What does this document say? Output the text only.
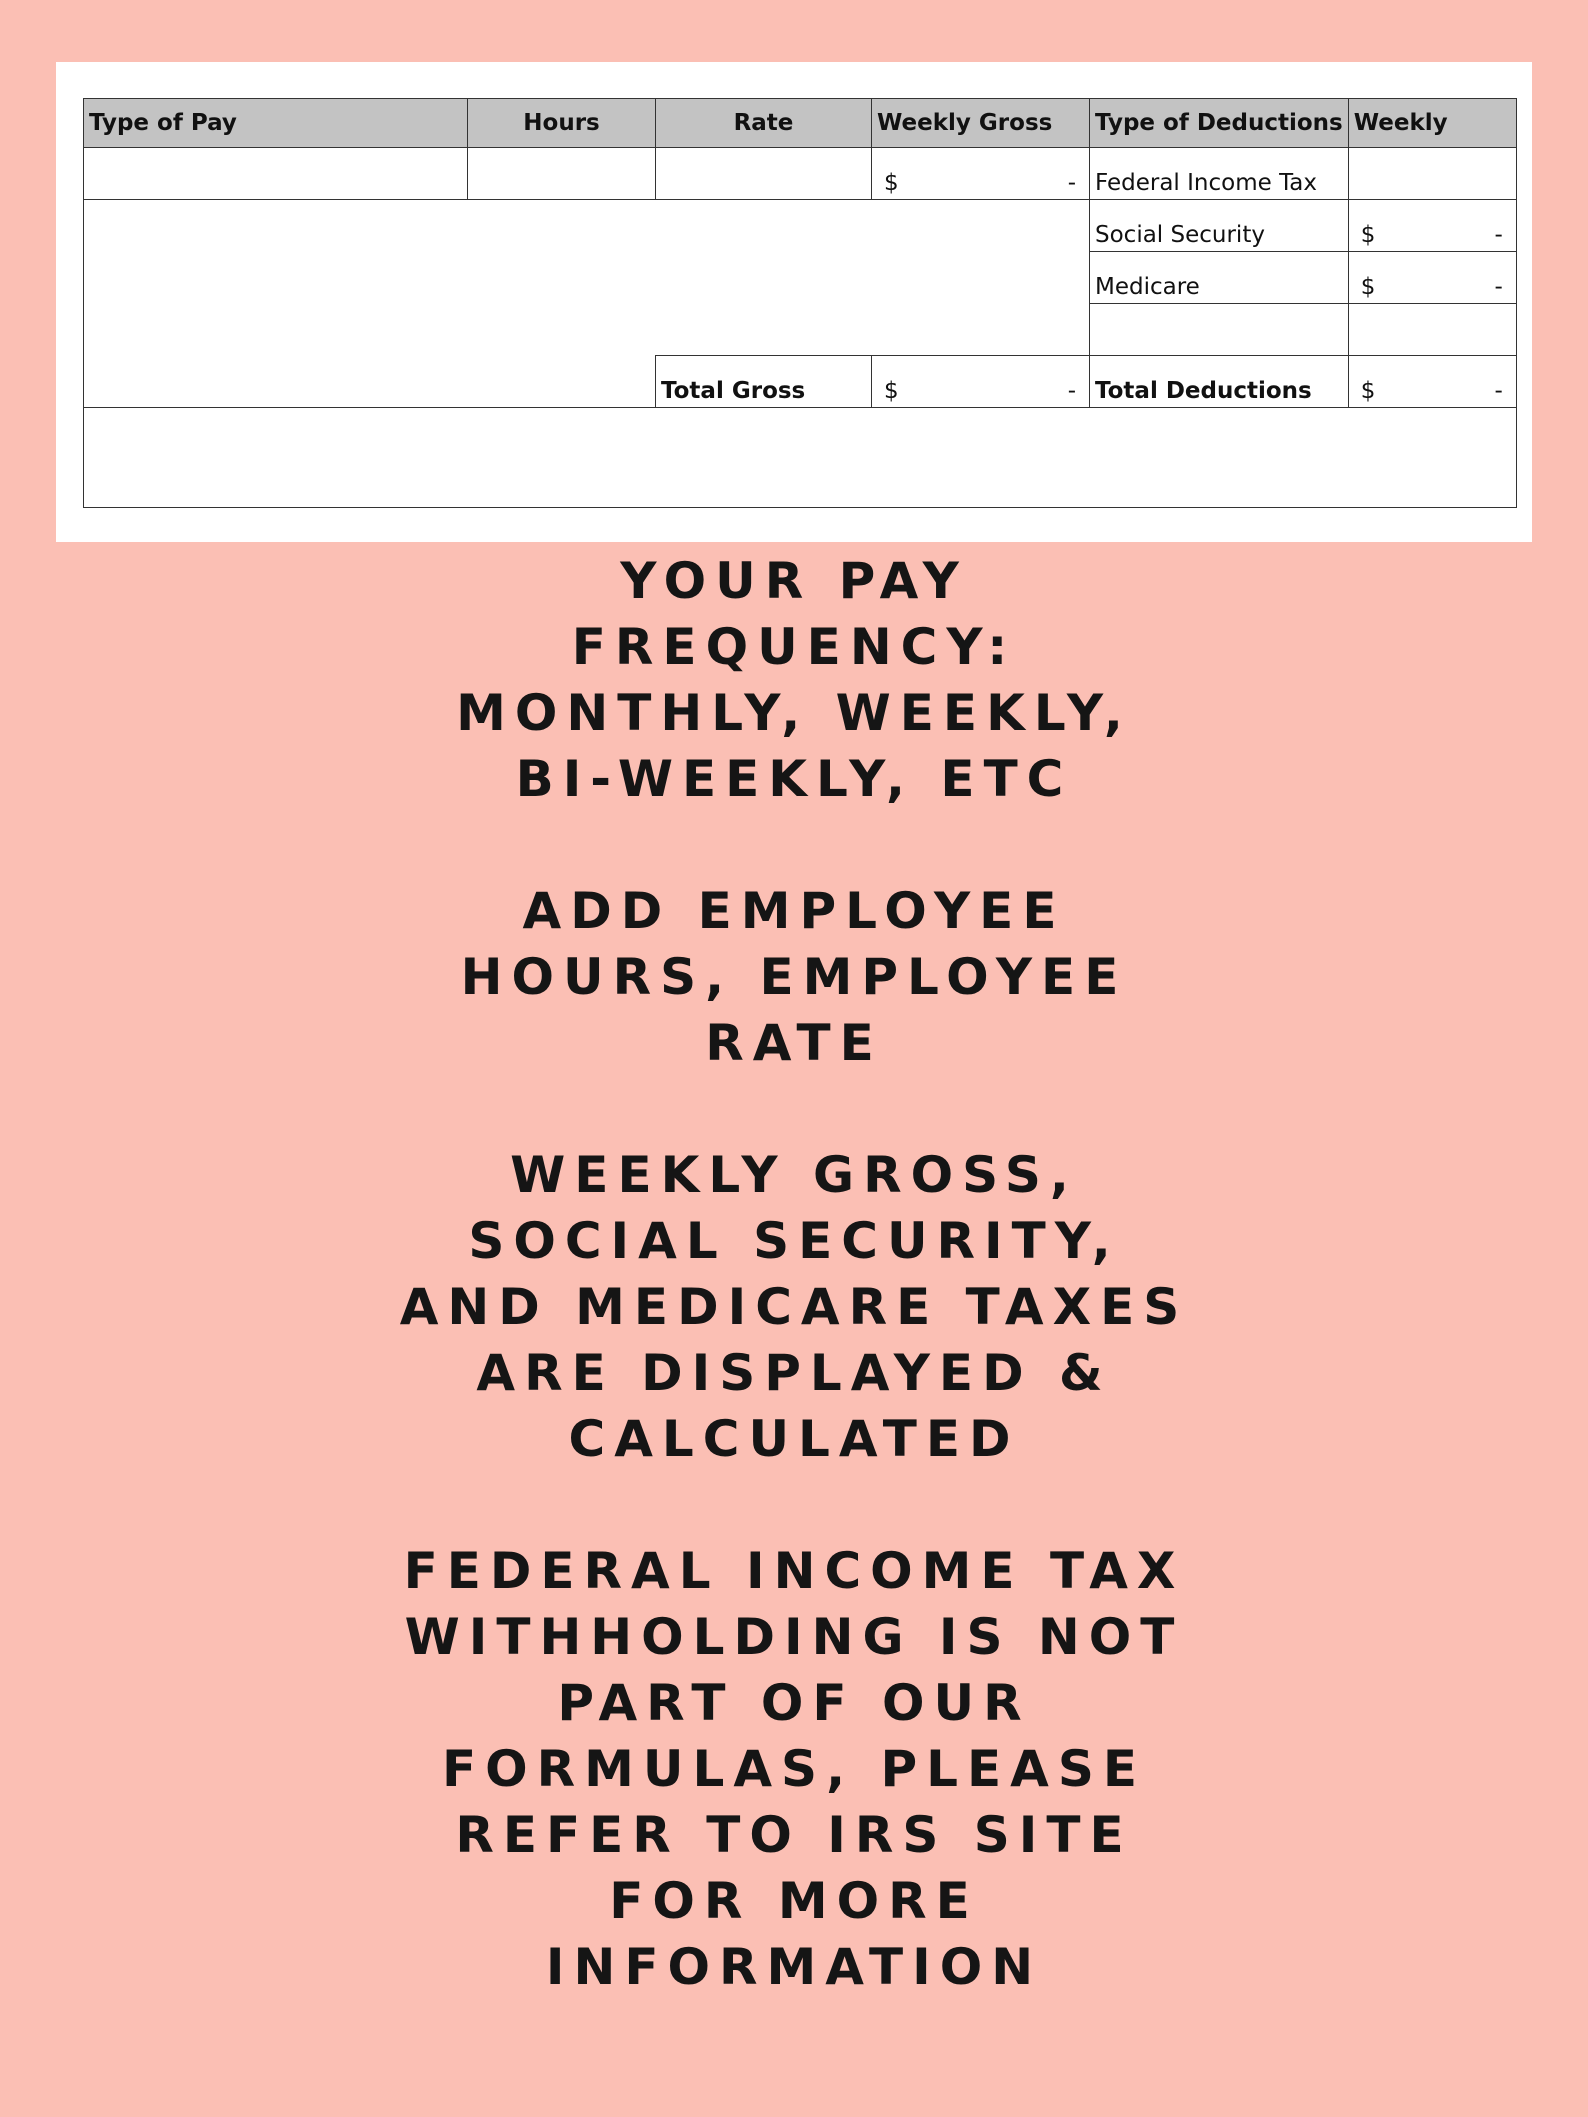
Type of Pay	Hours	Rate	Weekly Gross	Type of Deductions	Weekly

			$ -	Federal Income Tax	
				Social Security	$ -

				Medicare	$ -

		Total Gross	$ -	Total Deductions	$ -

YOUR PAY
FREQUENCY:
MONTHLY, WEEKLY,
BI-WEEKLY, ETC
ADD EMPLOYEE
HOURS, EMPLOYEE
RATE
WEEKLY GROSS,
SOCIAL SECURITY,
AND MEDICARE TAXES
ARE DISPLAYED &
CALCULATED
FEDERAL INCOME TAX
WITHHOLDING IS NOT
PART OF OUR
FORMULAS, PLEASE
REFER TO IRS SITE
FOR MORE
INFORMATION
